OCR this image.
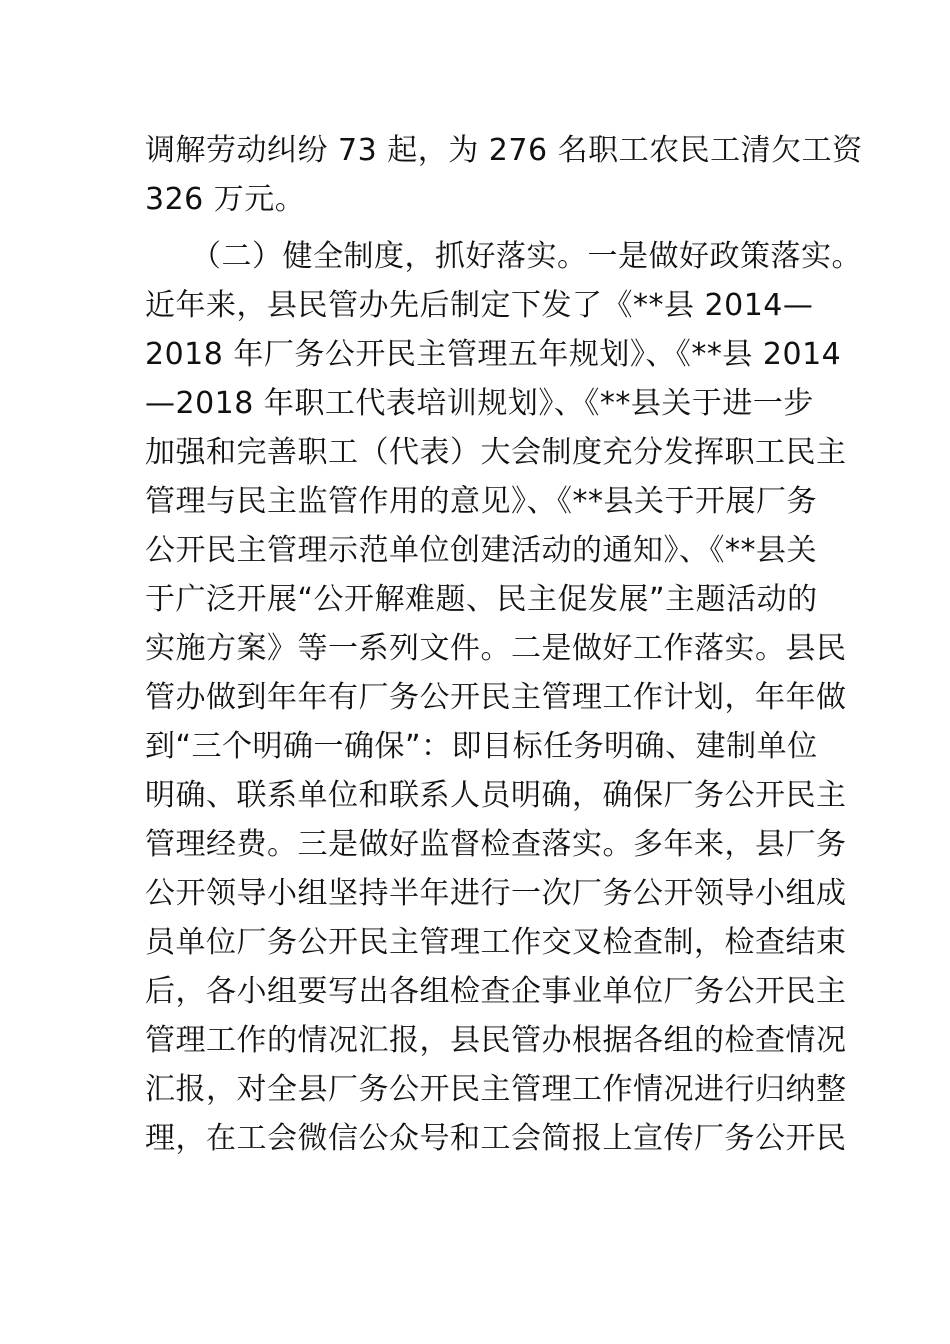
调解劳动纠纷 73 起，为 276 名职工农民工清欠工资
326 万元。
　　（二）健全制度，抓好落实。一是做好政策落实。
近年来，县民管办先后制定下发了《**县 2014—
2018 年厂务公开民主管理五年规划》、《**县 2014
—2018 年职工代表培训规划》、《**县关于进一步
加强和完善职工（代表）大会制度充分发挥职工民主
管理与民主监管作用的意见》、《**县关于开展厂务
公开民主管理示范单位创建活动的通知》、《**县关
于广泛开展“公开解难题、民主促发展”主题活动的
实施方案》等一系列文件。二是做好工作落实。县民
管办做到年年有厂务公开民主管理工作计划，年年做
到“三个明确一确保”：即目标任务明确、建制单位
明确、联系单位和联系人员明确，确保厂务公开民主
管理经费。三是做好监督检查落实。多年来，县厂务
公开领导小组坚持半年进行一次厂务公开领导小组成
员单位厂务公开民主管理工作交叉检查制，检查结束
后，各小组要写出各组检查企事业单位厂务公开民主
管理工作的情况汇报，县民管办根据各组的检查情况
汇报，对全县厂务公开民主管理工作情况进行归纳整
理，在工会微信公众号和工会简报上宣传厂务公开民
